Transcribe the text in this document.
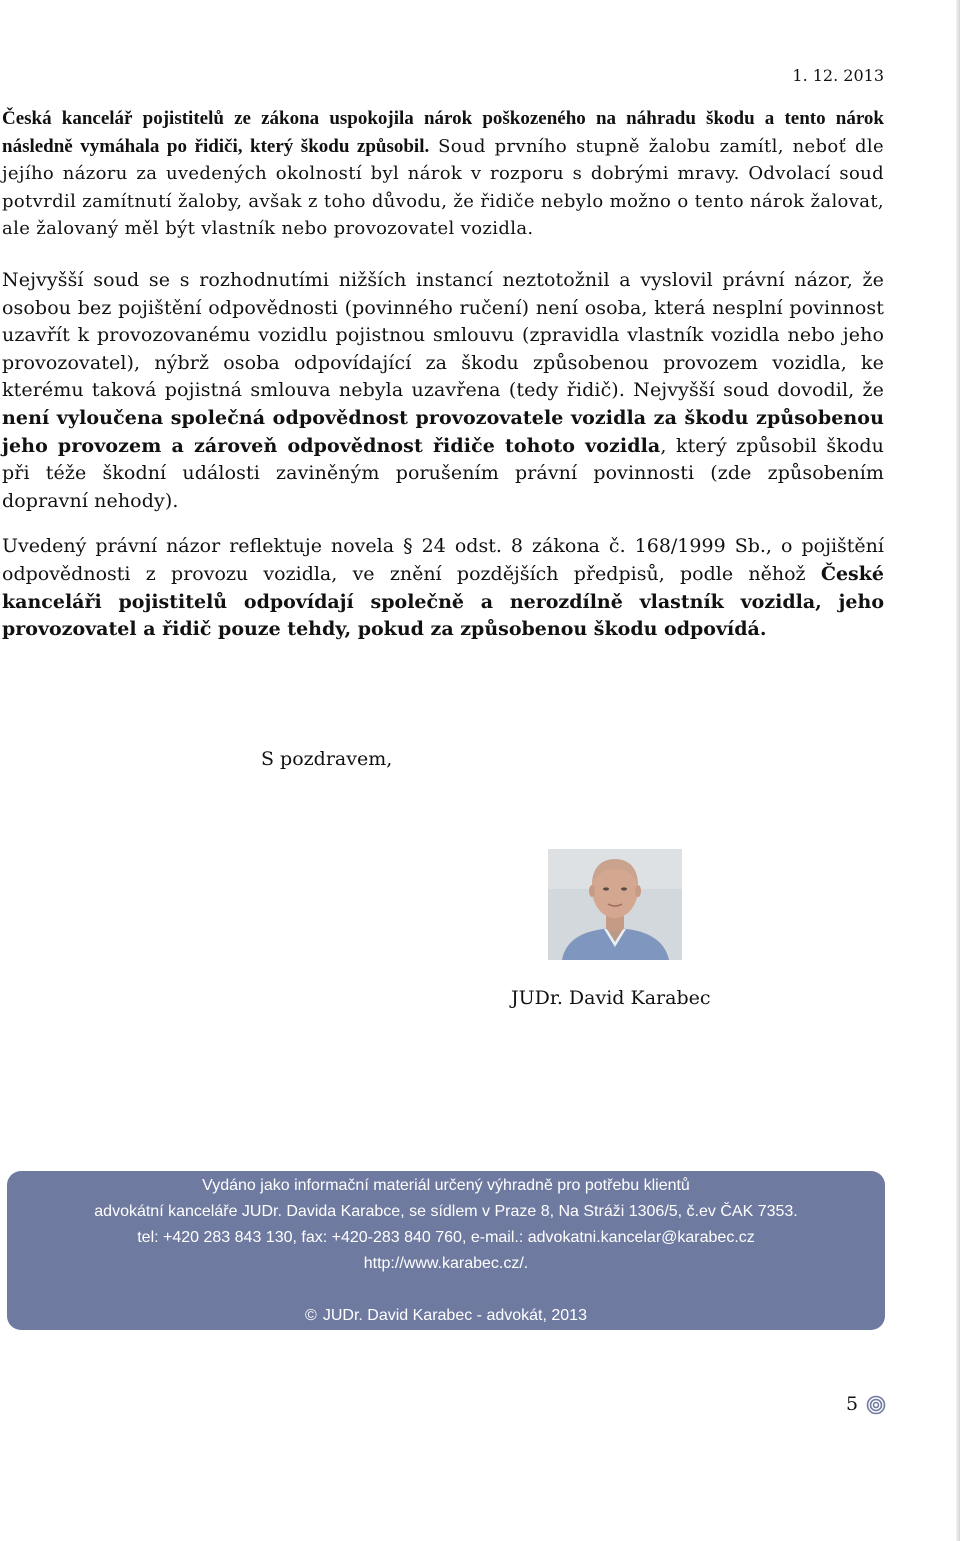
1. 12. 2013

Česká kancelář pojistitelů ze zákona uspokojila nárok poškozeného na náhradu škodu a tento nárok následně vymáhala po řidiči, který škodu způsobil. Soud prvního stupně žalobu zamítl, neboť dle jejího názoru za uvedených okolností byl nárok v rozporu s dobrými mravy. Odvolací soud potvrdil zamítnutí žaloby, avšak z toho důvodu, že řidiče nebylo možno o tento nárok žalovat, ale žalovaný měl být vlastník nebo provozovatel vozidla.

Nejvyšší soud se s rozhodnutími nižších instancí neztotožnil a vyslovil právní názor, že osobou bez pojištění odpovědnosti (povinného ručení) není osoba, která nesplní povinnost uzavřít k provozovanému vozidlu pojistnou smlouvu (zpravidla vlastník vozidla nebo jeho provozovatel), nýbrž osoba odpovídající za škodu způsobenou provozem vozidla, ke kterému taková pojistná smlouva nebyla uzavřena (tedy řidič). Nejvyšší soud dovodil, že není vyloučena společná odpovědnost provozovatele vozidla za škodu způsobenou jeho provozem a zároveň odpovědnost řidiče tohoto vozidla, který způsobil škodu při téže škodní události zaviněným porušením právní povinnosti (zde způsobením dopravní nehody).

Uvedený právní názor reflektuje novela § 24 odst. 8 zákona č. 168/1999 Sb., o pojištění odpovědnosti z provozu vozidla, ve znění pozdějších předpisů, podle něhož České kanceláři pojistitelů odpovídají společně a nerozdílně vlastník vozidla, jeho provozovatel a řidič pouze tehdy, pokud za způsobenou škodu odpovídá.

S pozdravem,
JUDr. David Karabec
Vydáno jako informační materiál určený výhradně pro potřebu klientů
advokátní kanceláře JUDr. Davida Karabce, se sídlem v Praze 8, Na Stráži 1306/5, č.ev ČAK 7353.
tel: +420 283 843 130, fax: +420-283 840 760, e-mail.: advokatni.kancelar@karabec.cz
http://www.karabec.cz/.
© JUDr. David Karabec - advokát, 2013
5
